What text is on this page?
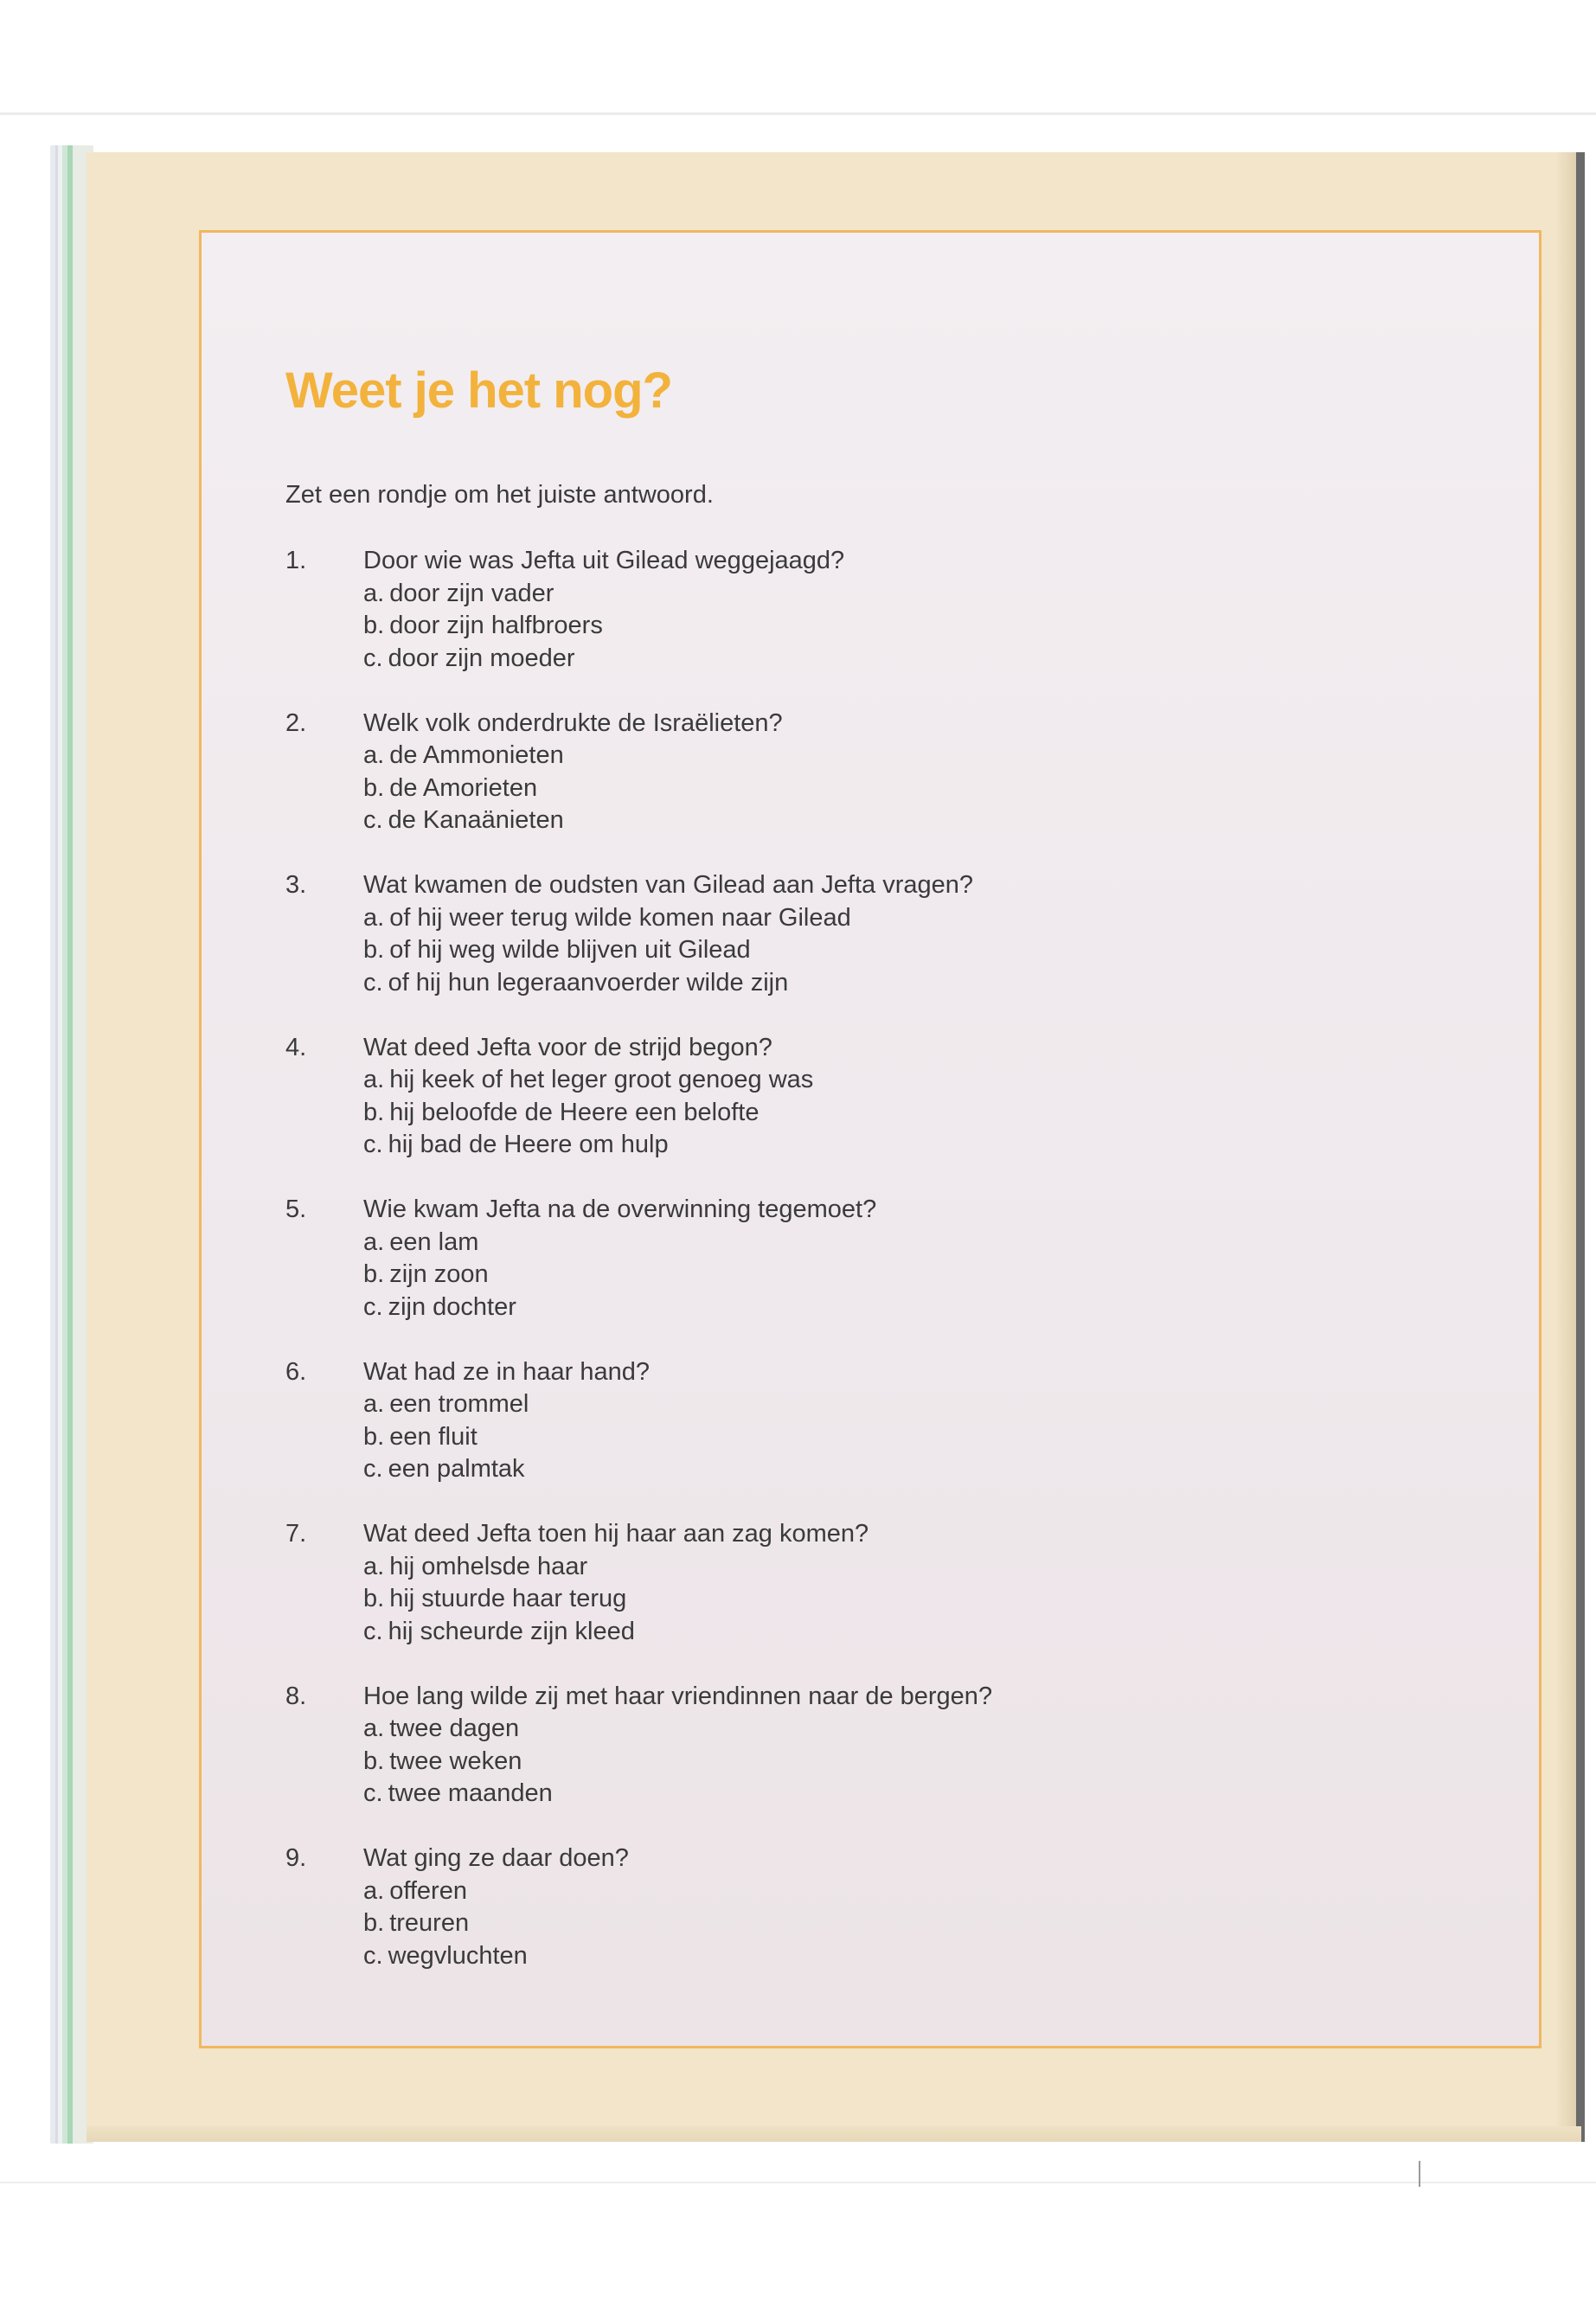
Weet je het nog?
Zet een rondje om het juiste antwoord.
1.	Door wie was Jefta uit Gilead weggejaagd?
a. door zijn vader
b. door zijn halfbroers
c. door zijn moeder
2.	Welk volk onderdrukte de Israëlieten?
a. de Ammonieten
b. de Amorieten
c. de Kanaänieten
3.	Wat kwamen de oudsten van Gilead aan Jefta vragen?
a. of hij weer terug wilde komen naar Gilead
b. of hij weg wilde blijven uit Gilead
c. of hij hun legeraanvoerder wilde zijn
4.	Wat deed Jefta voor de strijd begon?
a. hij keek of het leger groot genoeg was
b. hij beloofde de Heere een belofte
c. hij bad de Heere om hulp
5.	Wie kwam Jefta na de overwinning tegemoet?
a. een lam
b. zijn zoon
c. zijn dochter
6.	Wat had ze in haar hand?
a. een trommel
b. een fluit
c. een palmtak
7.	Wat deed Jefta toen hij haar aan zag komen?
a. hij omhelsde haar
b. hij stuurde haar terug
c. hij scheurde zijn kleed
8.	Hoe lang wilde zij met haar vriendinnen naar de bergen?
a. twee dagen
b. twee weken
c. twee maanden
9.	Wat ging ze daar doen?
a. offeren
b. treuren
c. wegvluchten
